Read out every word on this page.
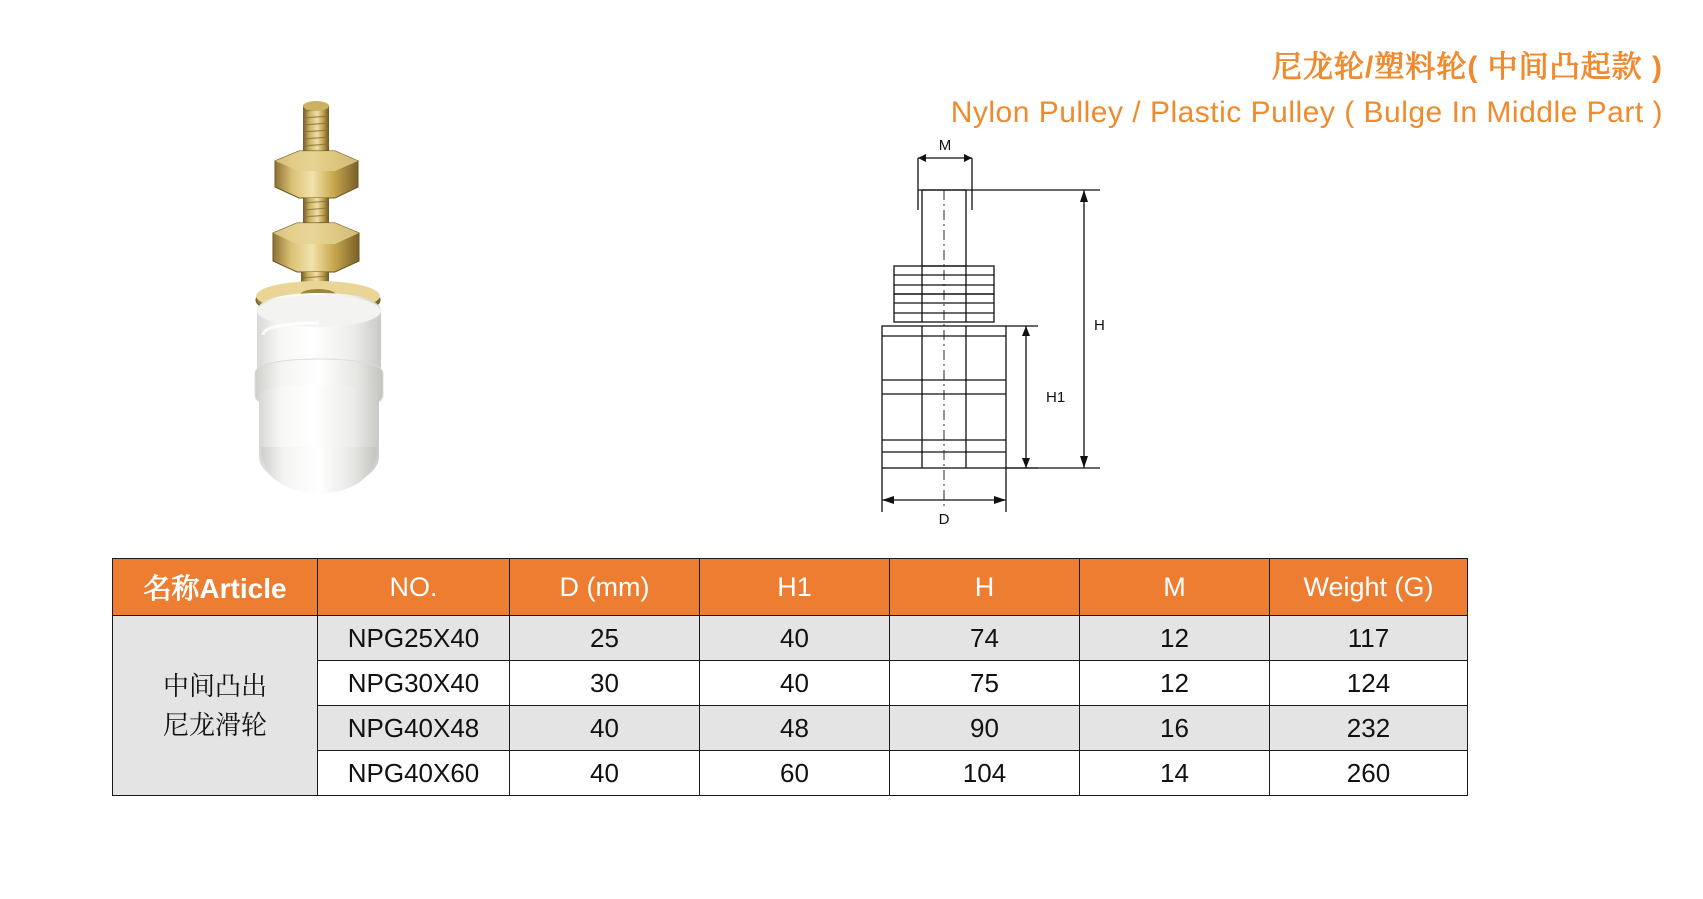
尼龙轮/塑料轮( 中间凸起款 )
Nylon Pulley / Plastic Pulley ( Bulge In Middle Part )
M
H1
H
D
名称Article	NO.	D (mm)	H1	H	M	Weight (G)

中间凸出
尼龙滑轮	NPG25X40	25	40	74	12	117
	NPG30X40	30	40	75	12	124
	NPG40X48	40	48	90	16	232
	NPG40X60	40	60	104	14	260
